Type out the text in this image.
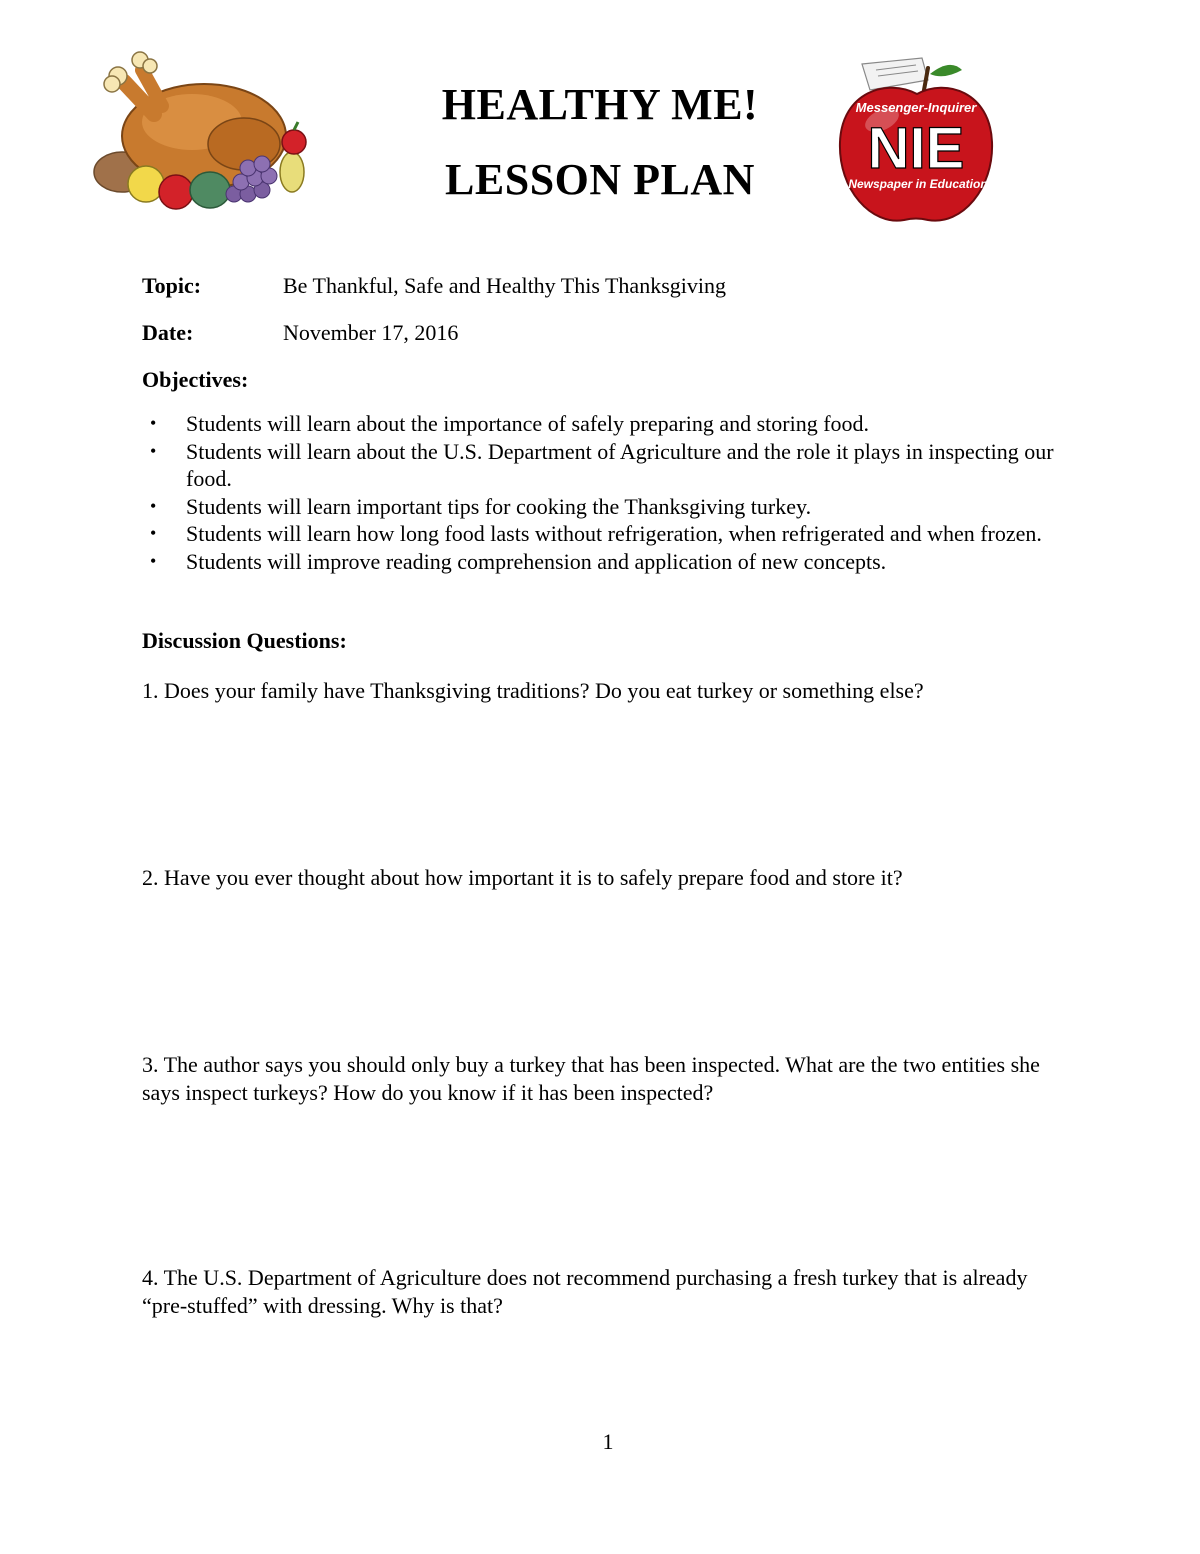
HEALTHY ME!
LESSON PLAN
Messenger-Inquirer
NIE
Newspaper in Education
Topic:	Be Thankful, Safe and Healthy This Thanksgiving
Date:	November 17, 2016
Objectives:
• Students will learn about the importance of safely preparing and storing food.
• Students will learn about the U.S. Department of Agriculture and the role it plays in inspecting our food.
• Students will learn important tips for cooking the Thanksgiving turkey.
• Students will learn how long food lasts without refrigeration, when refrigerated and when frozen.
• Students will improve reading comprehension and application of new concepts.
Discussion Questions:
1. Does your family have Thanksgiving traditions? Do you eat turkey or something else?
2. Have you ever thought about how important it is to safely prepare food and store it?
3. The author says you should only buy a turkey that has been inspected. What are the two entities she says inspect turkeys? How do you know if it has been inspected?
4. The U.S. Department of Agriculture does not recommend purchasing a fresh turkey that is already “pre-stuffed” with dressing. Why is that?
1
